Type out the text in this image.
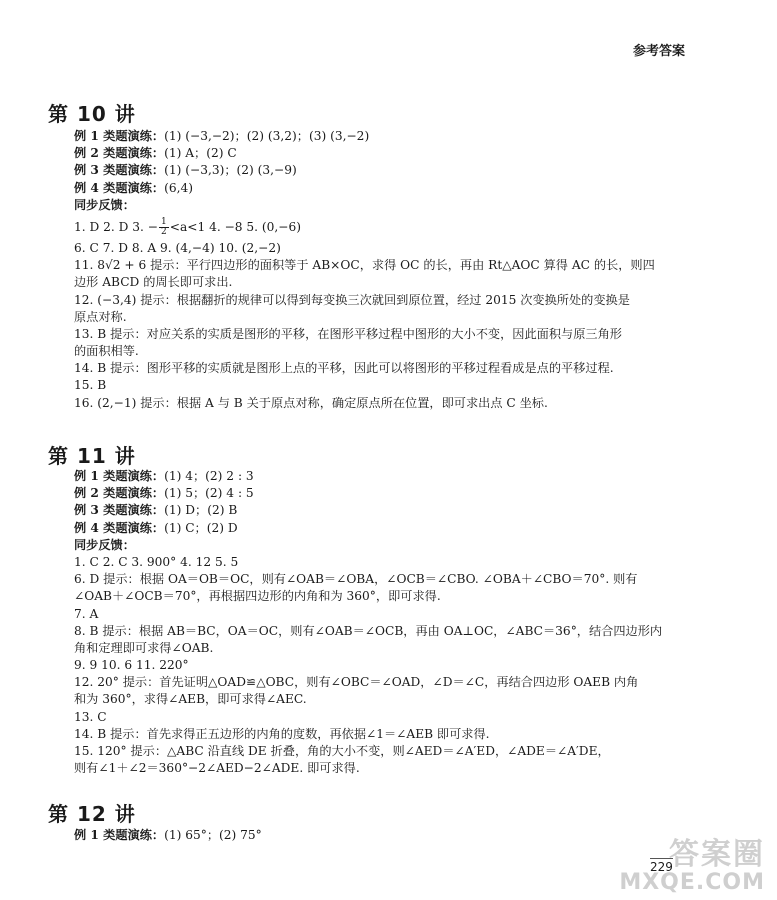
参考答案
第 10 讲
例 1 类题演练：(1) (−3,−2)；(2) (3,2)；(3) (3,−2)
例 2 类题演练：(1) A；(2) C
例 3 类题演练：(1) (−3,3)；(2) (3,−9)
例 4 类题演练：(6,4)
同步反馈：
1. D 2. D 3. − $\frac{1}{2} <a<1$ 4. −8 5. (0,−6)
6. C 7. D 8. A 9. (4,−4) 10. (2,−2)
11. 8√2 + 6 提示：平行四边形的面积等于 AB×OC，求得 OC 的长，再由 Rt△AOC 算得 AC 的长，则四
边形 ABCD 的周长即可求出.
12. (−3,4) 提示：根据翻折的规律可以得到每变换三次就回到原位置，经过 2015 次变换所处的变换是
原点对称.
13. B 提示：对应关系的实质是图形的平移，在图形平移过程中图形的大小不变，因此面积与原三角形
的面积相等.
14. B 提示：图形平移的实质就是图形上点的平移，因此可以将图形的平移过程看成是点的平移过程.
15. B
16. (2,−1) 提示：根据 A 与 B 关于原点对称，确定原点所在位置，即可求出点 C 坐标.
第 11 讲
例 1 类题演练：(1) 4；(2) 2 : 3
例 2 类题演练：(1) 5；(2) 4 : 5
例 3 类题演练：(1) D；(2) B
例 4 类题演练：(1) C；(2) D
同步反馈：
1. C 2. C 3. 900° 4. 12 5. 5
6. D 提示：根据 OA＝OB＝OC，则有∠OAB＝∠OBA，∠OCB＝∠CBO. ∠OBA＋∠CBO＝70°. 则有
∠OAB＋∠OCB＝70°，再根据四边形的内角和为 360°，即可求得.
7. A
8. B 提示：根据 AB＝BC，OA＝OC，则有∠OAB＝∠OCB，再由 OA⊥OC，∠ABC＝36°，结合四边形内
角和定理即可求得∠OAB.
9. 9 10. 6 11. 220°
12. 20° 提示：首先证明△OAD≌△OBC，则有∠OBC＝∠OAD，∠D＝∠C，再结合四边形 OAEB 内角
和为 360°，求得∠AEB，即可求得∠AEC.
13. C
14. B 提示：首先求得正五边形的内角的度数，再依据∠1＝∠AEB 即可求得.
15. 120° 提示：△ABC 沿直线 DE 折叠，角的大小不变，则∠AED＝∠A′ED，∠ADE＝∠A′DE，
则有∠1＋∠2＝360°−2∠AED−2∠ADE. 即可求得.
第 12 讲
例 1 类题演练：(1) 65°；(2) 75°
229
答案圈
MXQE.COM
